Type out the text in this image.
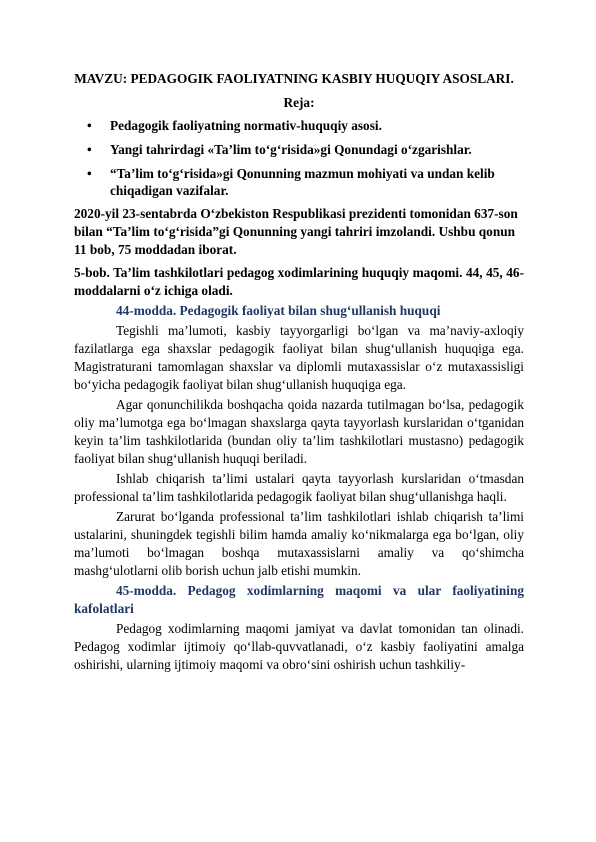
MAVZU: PEDAGOGIK FAOLIYATNING KASBIY HUQUQIY ASOSLARI.
Reja:
• Pedagogik faoliyatning normativ-huquqiy asosi.
• Yangi tahrirdagi «Ta’lim to‘g‘risida»gi Qonundagi o‘zgarishlar.
• “Ta’lim to‘g‘risida»gi Qonunning mazmun mohiyati va undan kelib chiqadigan vazifalar.

2020-yil 23-sentabrda O‘zbekiston Respublikasi prezidenti tomonidan 637-son bilan “Ta’lim to‘g‘risida”gi Qonunning yangi tahriri imzolandi. Ushbu qonun 11 bob, 75 moddadan iborat.

5-bob. Ta’lim tashkilotlari pedagog xodimlarining huquqiy maqomi. 44, 45, 46-moddalarni o‘z ichiga oladi.

44-modda. Pedagogik faoliyat bilan shug‘ullanish huquqi

Tegishli ma’lumoti, kasbiy tayyorgarligi bo‘lgan va ma’naviy-axloqiy fazilatlarga ega shaxslar pedagogik faoliyat bilan shug‘ullanish huquqiga ega. Magistraturani tamomlagan shaxslar va diplomli mutaxassislar o‘z mutaxassisligi bo‘yicha pedagogik faoliyat bilan shug‘ullanish huquqiga ega.

Agar qonunchilikda boshqacha qoida nazarda tutilmagan bo‘lsa, pedagogik oliy ma’lumotga ega bo‘lmagan shaxslarga qayta tayyorlash kurslaridan o‘tganidan keyin ta’lim tashkilotlarida (bundan oliy ta’lim tashkilotlari mustasno) pedagogik faoliyat bilan shug‘ullanish huquqi beriladi.

Ishlab chiqarish ta’limi ustalari qayta tayyorlash kurslaridan o‘tmasdan professional ta’lim tashkilotlarida pedagogik faoliyat bilan shug‘ullanishga haqli.

Zarurat bo‘lganda professional ta’lim tashkilotlari ishlab chiqarish ta’limi ustalarini, shuningdek tegishli bilim hamda amaliy ko‘nikmalarga ega bo‘lgan, oliy ma’lumoti bo‘lmagan boshqa mutaxassislarni amaliy va qo‘shimcha mashg‘ulotlarni olib borish uchun jalb etishi mumkin.

45-modda. Pedagog xodimlarning maqomi va ular faoliyatining kafolatlari

Pedagog xodimlarning maqomi jamiyat va davlat tomonidan tan olinadi. Pedagog xodimlar ijtimoiy qo‘llab-quvvatlanadi, o‘z kasbiy faoliyatini amalga oshirishi, ularning ijtimoiy maqomi va obro‘sini oshirish uchun tashkiliy-
